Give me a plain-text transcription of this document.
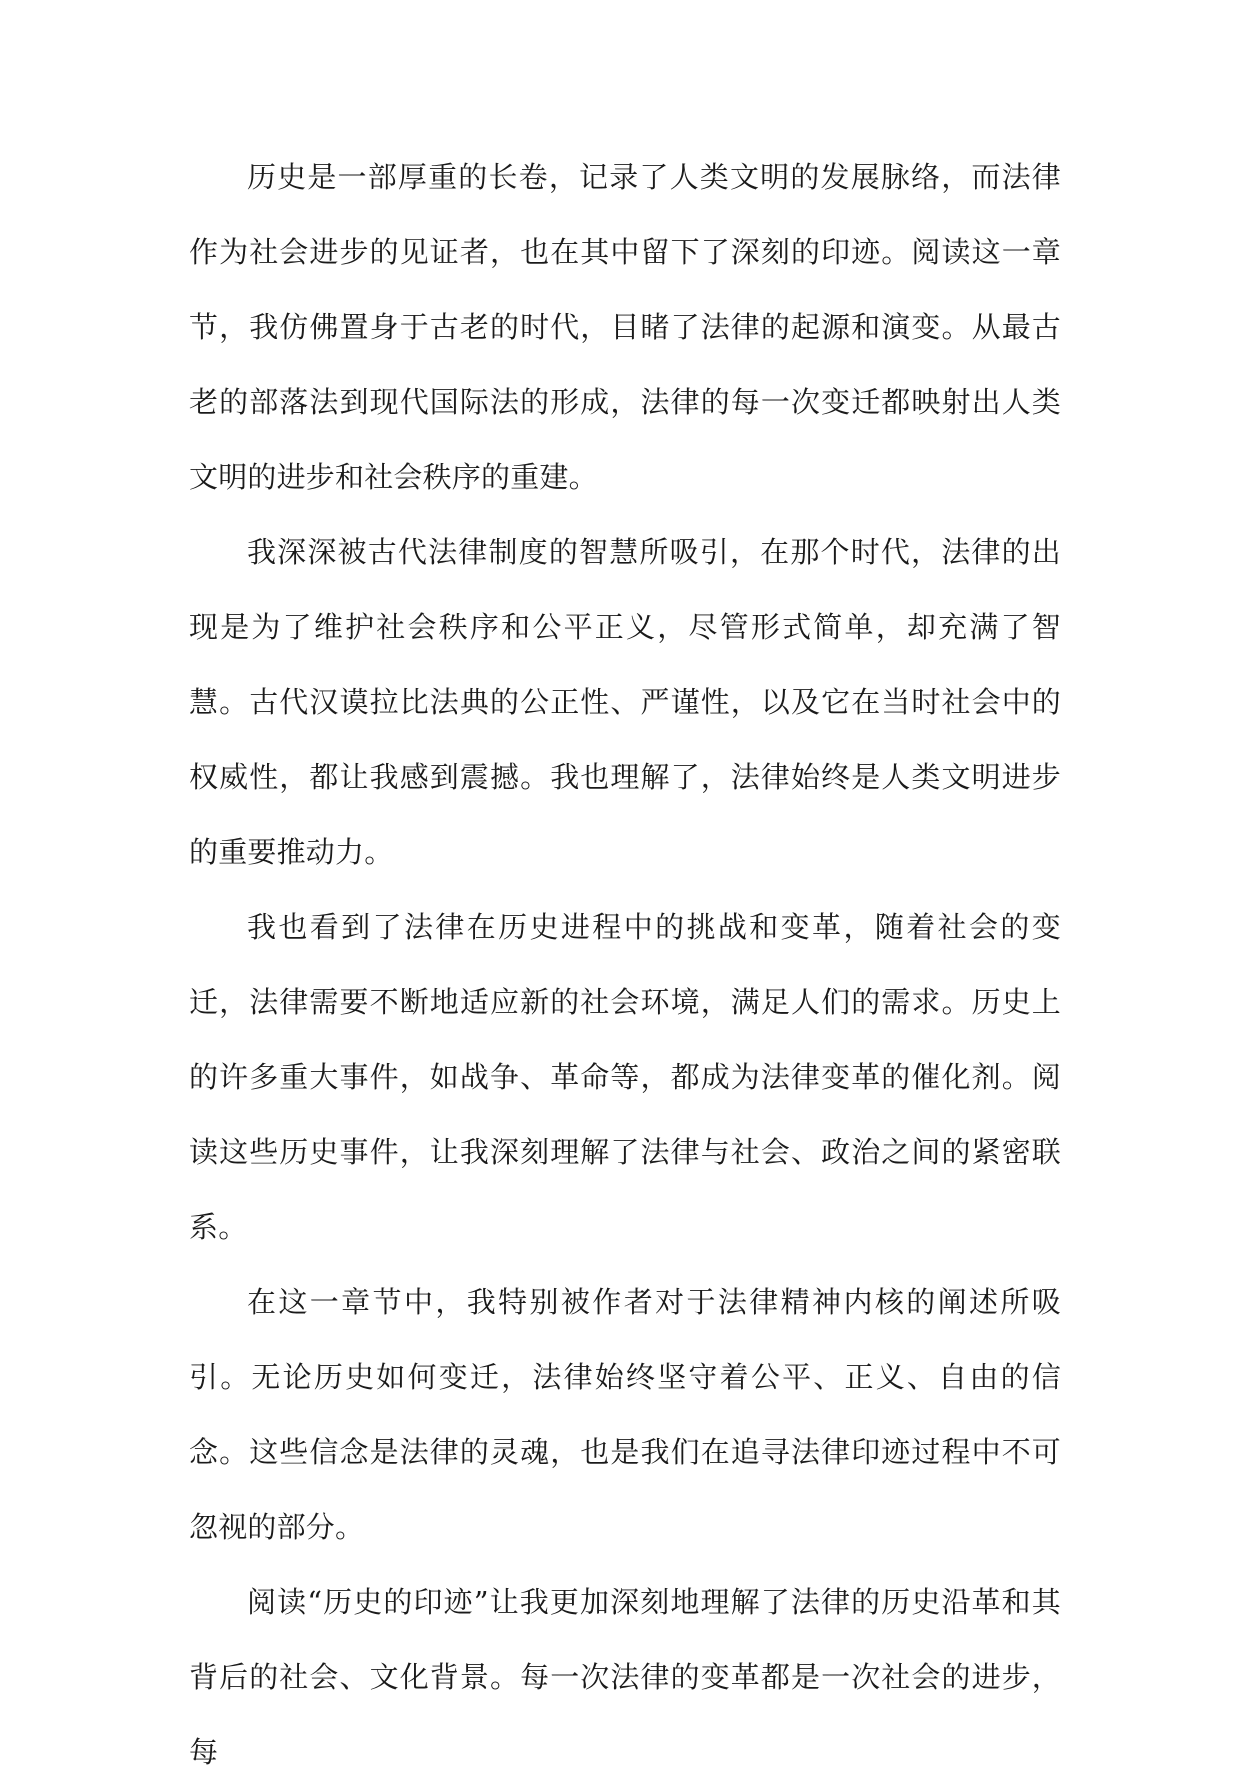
历史是一部厚重的长卷，记录了人类文明的发展脉络，而法律作为社会进步的见证者，也在其中留下了深刻的印迹。阅读这一章节，我仿佛置身于古老的时代，目睹了法律的起源和演变。从最古老的部落法到现代国际法的形成，法律的每一次变迁都映射出人类文明的进步和社会秩序的重建。

我深深被古代法律制度的智慧所吸引，在那个时代，法律的出现是为了维护社会秩序和公平正义，尽管形式简单，却充满了智慧。古代汉谟拉比法典的公正性、严谨性，以及它在当时社会中的权威性，都让我感到震撼。我也理解了，法律始终是人类文明进步的重要推动力。

我也看到了法律在历史进程中的挑战和变革，随着社会的变迁，法律需要不断地适应新的社会环境，满足人们的需求。历史上的许多重大事件，如战争、革命等，都成为法律变革的催化剂。阅读这些历史事件，让我深刻理解了法律与社会、政治之间的紧密联系。

在这一章节中，我特别被作者对于法律精神内核的阐述所吸引。无论历史如何变迁，法律始终坚守着公平、正义、自由的信念。这些信念是法律的灵魂，也是我们在追寻法律印迹过程中不可忽视的部分。

阅读“历史的印迹”让我更加深刻地理解了法律的历史沿革和其背后的社会、文化背景。每一次法律的变革都是一次社会的进步，每
